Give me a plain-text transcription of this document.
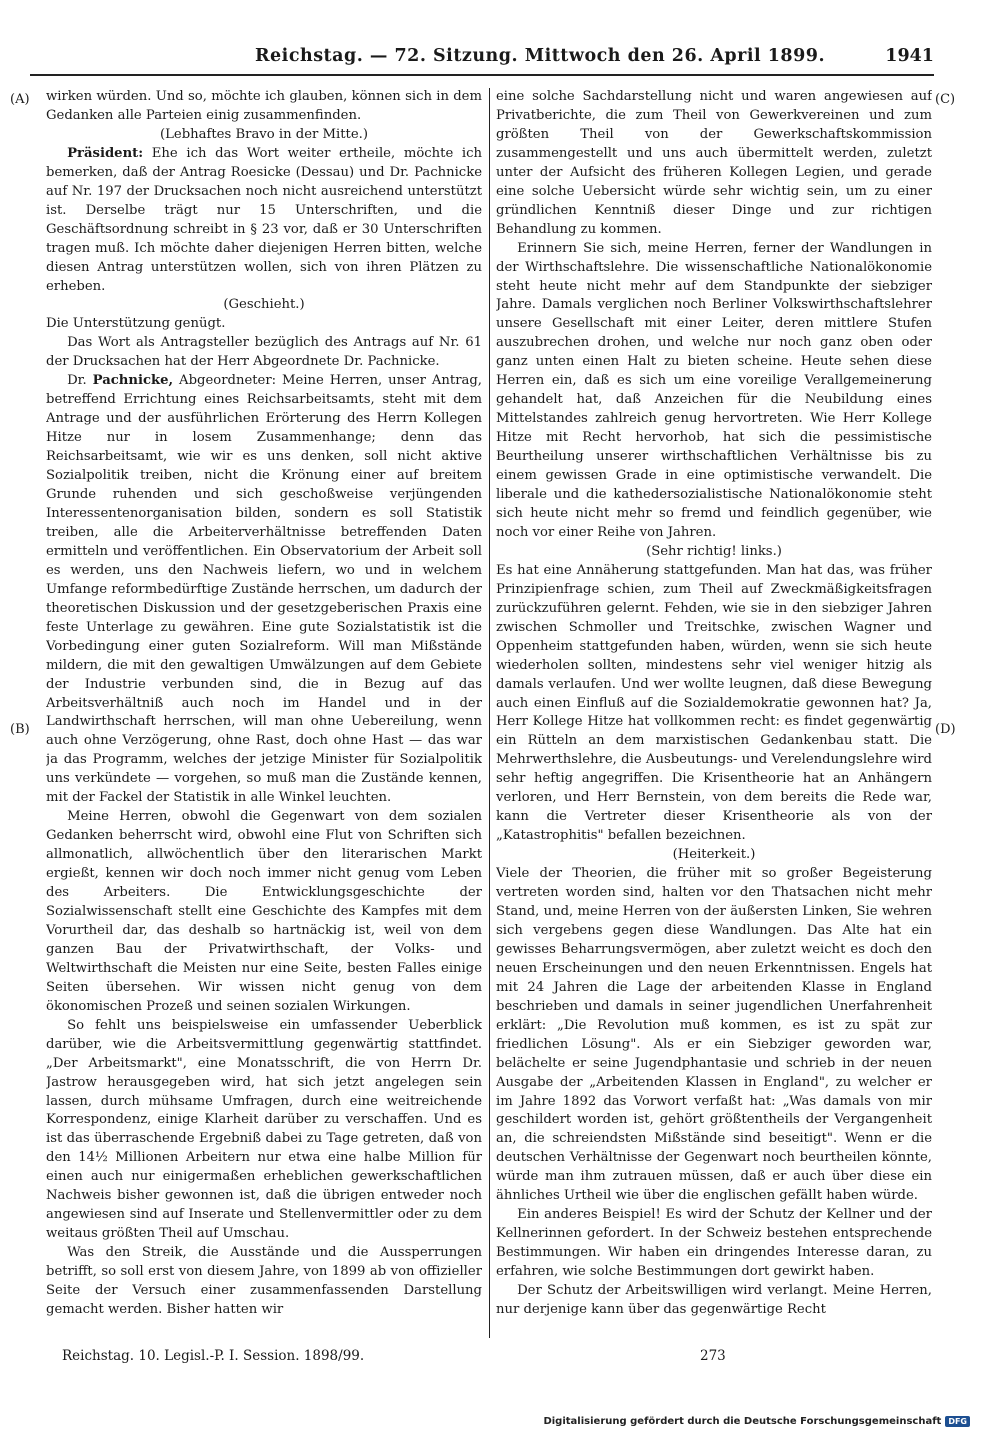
Reichstag. — 72. Sitzung. Mittwoch den 26. April 1899.	1941
(A)
(B)
(C)
(D)

wirken würden. Und so, möchte ich glauben, können sich in dem Gedanken alle Parteien einig zusammenfinden.

(Lebhaftes Bravo in der Mitte.)

Präsident: Ehe ich das Wort weiter ertheile, möchte ich bemerken, daß der Antrag Roesicke (Dessau) und Dr. Pachnicke auf Nr. 197 der Drucksachen noch nicht ausreichend unterstützt ist. Derselbe trägt nur 15 Unterschriften, und die Geschäftsordnung schreibt in § 23 vor, daß er 30 Unterschriften tragen muß. Ich möchte daher diejenigen Herren bitten, welche diesen Antrag unterstützen wollen, sich von ihren Plätzen zu erheben.

(Geschieht.)

Die Unterstützung genügt.

Das Wort als Antragsteller bezüglich des Antrags auf Nr. 61 der Drucksachen hat der Herr Abgeordnete Dr. Pachnicke.

Dr. Pachnicke, Abgeordneter: Meine Herren, unser Antrag, betreffend Errichtung eines Reichsarbeitsamts, steht mit dem Antrage und der ausführlichen Erörterung des Herrn Kollegen Hitze nur in losem Zusammenhange; denn das Reichsarbeitsamt, wie wir es uns denken, soll nicht aktive Sozialpolitik treiben, nicht die Krönung einer auf breitem Grunde ruhenden und sich geschoßweise verjüngenden Interessentenorganisation bilden, sondern es soll Statistik treiben, alle die Arbeiterverhältnisse betreffenden Daten ermitteln und veröffentlichen. Ein Observatorium der Arbeit soll es werden, uns den Nachweis liefern, wo und in welchem Umfange reformbedürftige Zustände herrschen, um dadurch der theoretischen Diskussion und der gesetzgeberischen Praxis eine feste Unterlage zu gewähren. Eine gute Sozialstatistik ist die Vorbedingung einer guten Sozialreform. Will man Mißstände mildern, die mit den gewaltigen Umwälzungen auf dem Gebiete der Industrie verbunden sind, die in Bezug auf das Arbeitsverhältniß auch noch im Handel und in der Landwirthschaft herrschen, will man ohne Uebereilung, wenn auch ohne Verzögerung, ohne Rast, doch ohne Hast — das war ja das Programm, welches der jetzige Minister für Sozialpolitik uns verkündete — vorgehen, so muß man die Zustände kennen, mit der Fackel der Statistik in alle Winkel leuchten.

Meine Herren, obwohl die Gegenwart von dem sozialen Gedanken beherrscht wird, obwohl eine Flut von Schriften sich allmonatlich, allwöchentlich über den literarischen Markt ergießt, kennen wir doch noch immer nicht genug vom Leben des Arbeiters. Die Entwicklungsgeschichte der Sozialwissenschaft stellt eine Geschichte des Kampfes mit dem Vorurtheil dar, das deshalb so hartnäckig ist, weil von dem ganzen Bau der Privatwirthschaft, der Volks- und Weltwirthschaft die Meisten nur eine Seite, besten Falles einige Seiten übersehen. Wir wissen nicht genug von dem ökonomischen Prozeß und seinen sozialen Wirkungen.

So fehlt uns beispielsweise ein umfassender Ueberblick darüber, wie die Arbeitsvermittlung gegenwärtig stattfindet. „Der Arbeitsmarkt", eine Monatsschrift, die von Herrn Dr. Jastrow herausgegeben wird, hat sich jetzt angelegen sein lassen, durch mühsame Umfragen, durch eine weitreichende Korrespondenz, einige Klarheit darüber zu verschaffen. Und es ist das überraschende Ergebniß dabei zu Tage getreten, daß von den 14½ Millionen Arbeitern nur etwa eine halbe Million für einen auch nur einigermaßen erheblichen gewerkschaftlichen Nachweis bisher gewonnen ist, daß die übrigen entweder noch angewiesen sind auf Inserate und Stellenvermittler oder zu dem weitaus größten Theil auf Umschau.

Was den Streik, die Ausstände und die Aussperrungen betrifft, so soll erst von diesem Jahre, von 1899 ab von offizieller Seite der Versuch einer zusammenfassenden Darstellung gemacht werden. Bisher hatten wir

eine solche Sachdarstellung nicht und waren angewiesen auf Privatberichte, die zum Theil von Gewerkvereinen und zum größten Theil von der Gewerkschaftskommission zusammengestellt und uns auch übermittelt werden, zuletzt unter der Aufsicht des früheren Kollegen Legien, und gerade eine solche Uebersicht würde sehr wichtig sein, um zu einer gründlichen Kenntniß dieser Dinge und zur richtigen Behandlung zu kommen.

Erinnern Sie sich, meine Herren, ferner der Wandlungen in der Wirthschaftslehre. Die wissenschaftliche Nationalökonomie steht heute nicht mehr auf dem Standpunkte der siebziger Jahre. Damals verglichen noch Berliner Volkswirthschaftslehrer unsere Gesellschaft mit einer Leiter, deren mittlere Stufen auszubrechen drohen, und welche nur noch ganz oben oder ganz unten einen Halt zu bieten scheine. Heute sehen diese Herren ein, daß es sich um eine voreilige Verallgemeinerung gehandelt hat, daß Anzeichen für die Neubildung eines Mittelstandes zahlreich genug hervortreten. Wie Herr Kollege Hitze mit Recht hervorhob, hat sich die pessimistische Beurtheilung unserer wirthschaftlichen Verhältnisse bis zu einem gewissen Grade in eine optimistische verwandelt. Die liberale und die kathedersozialistische Nationalökonomie steht sich heute nicht mehr so fremd und feindlich gegenüber, wie noch vor einer Reihe von Jahren.

(Sehr richtig! links.)

Es hat eine Annäherung stattgefunden. Man hat das, was früher Prinzipienfrage schien, zum Theil auf Zweckmäßigkeitsfragen zurückzuführen gelernt. Fehden, wie sie in den siebziger Jahren zwischen Schmoller und Treitschke, zwischen Wagner und Oppenheim stattgefunden haben, würden, wenn sie sich heute wiederholen sollten, mindestens sehr viel weniger hitzig als damals verlaufen. Und wer wollte leugnen, daß diese Bewegung auch einen Einfluß auf die Sozialdemokratie gewonnen hat? Ja, Herr Kollege Hitze hat vollkommen recht: es findet gegenwärtig ein Rütteln an dem marxistischen Gedankenbau statt. Die Mehrwerthslehre, die Ausbeutungs- und Verelendungslehre wird sehr heftig angegriffen. Die Krisentheorie hat an Anhängern verloren, und Herr Bernstein, von dem bereits die Rede war, kann die Vertreter dieser Krisentheorie als von der „Katastrophitis" befallen bezeichnen.

(Heiterkeit.)

Viele der Theorien, die früher mit so großer Begeisterung vertreten worden sind, halten vor den Thatsachen nicht mehr Stand, und, meine Herren von der äußersten Linken, Sie wehren sich vergebens gegen diese Wandlungen. Das Alte hat ein gewisses Beharrungsvermögen, aber zuletzt weicht es doch den neuen Erscheinungen und den neuen Erkenntnissen. Engels hat mit 24 Jahren die Lage der arbeitenden Klasse in England beschrieben und damals in seiner jugendlichen Unerfahrenheit erklärt: „Die Revolution muß kommen, es ist zu spät zur friedlichen Lösung". Als er ein Siebziger geworden war, belächelte er seine Jugendphantasie und schrieb in der neuen Ausgabe der „Arbeitenden Klassen in England", zu welcher er im Jahre 1892 das Vorwort verfaßt hat: „Was damals von mir geschildert worden ist, gehört größtentheils der Vergangenheit an, die schreiendsten Mißstände sind beseitigt". Wenn er die deutschen Verhältnisse der Gegenwart noch beurtheilen könnte, würde man ihm zutrauen müssen, daß er auch über diese ein ähnliches Urtheil wie über die englischen gefällt haben würde.

Ein anderes Beispiel! Es wird der Schutz der Kellner und der Kellnerinnen gefordert. In der Schweiz bestehen entsprechende Bestimmungen. Wir haben ein dringendes Interesse daran, zu erfahren, wie solche Bestimmungen dort gewirkt haben.

Der Schutz der Arbeitswilligen wird verlangt. Meine Herren, nur derjenige kann über das gegenwärtige Recht

Reichstag. 10. Legisl.-P. I. Session. 1898/99.	273
Digitalisierung gefördert durch die Deutsche Forschungsgemeinschaft DFG
